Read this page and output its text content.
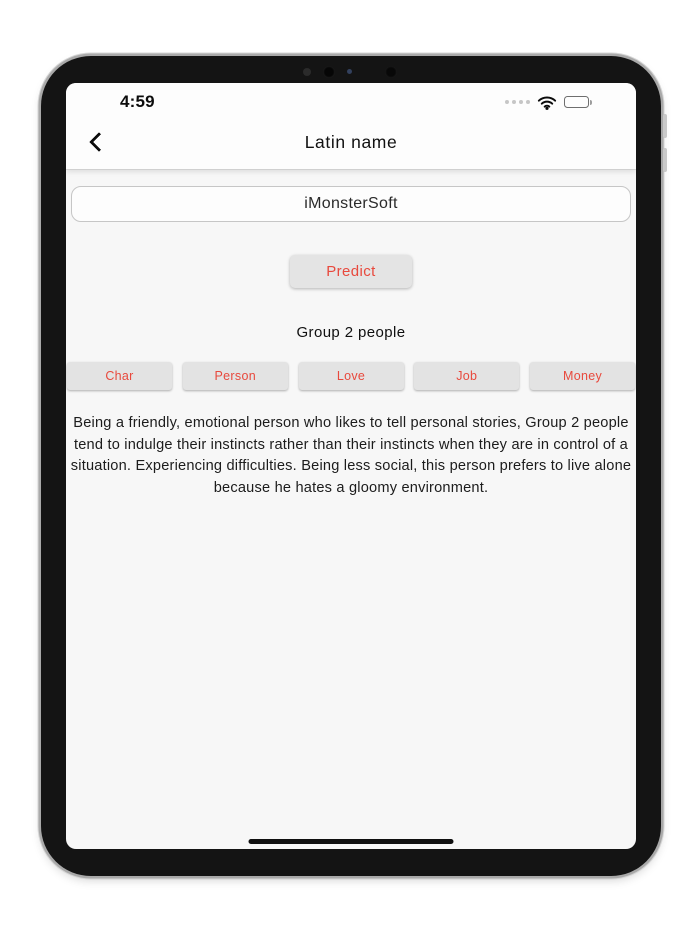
4:59
Latin name
iMonsterSoft
Predict
Group 2 people
Char	Person	Love	Job	Money

Being a friendly, emotional person who likes to tell personal stories, Group 2 people tend to indulge their instincts rather than their instincts when they are in control of a situation. Experiencing difficulties. Being less social, this person prefers to live alone because he hates a gloomy environment.
